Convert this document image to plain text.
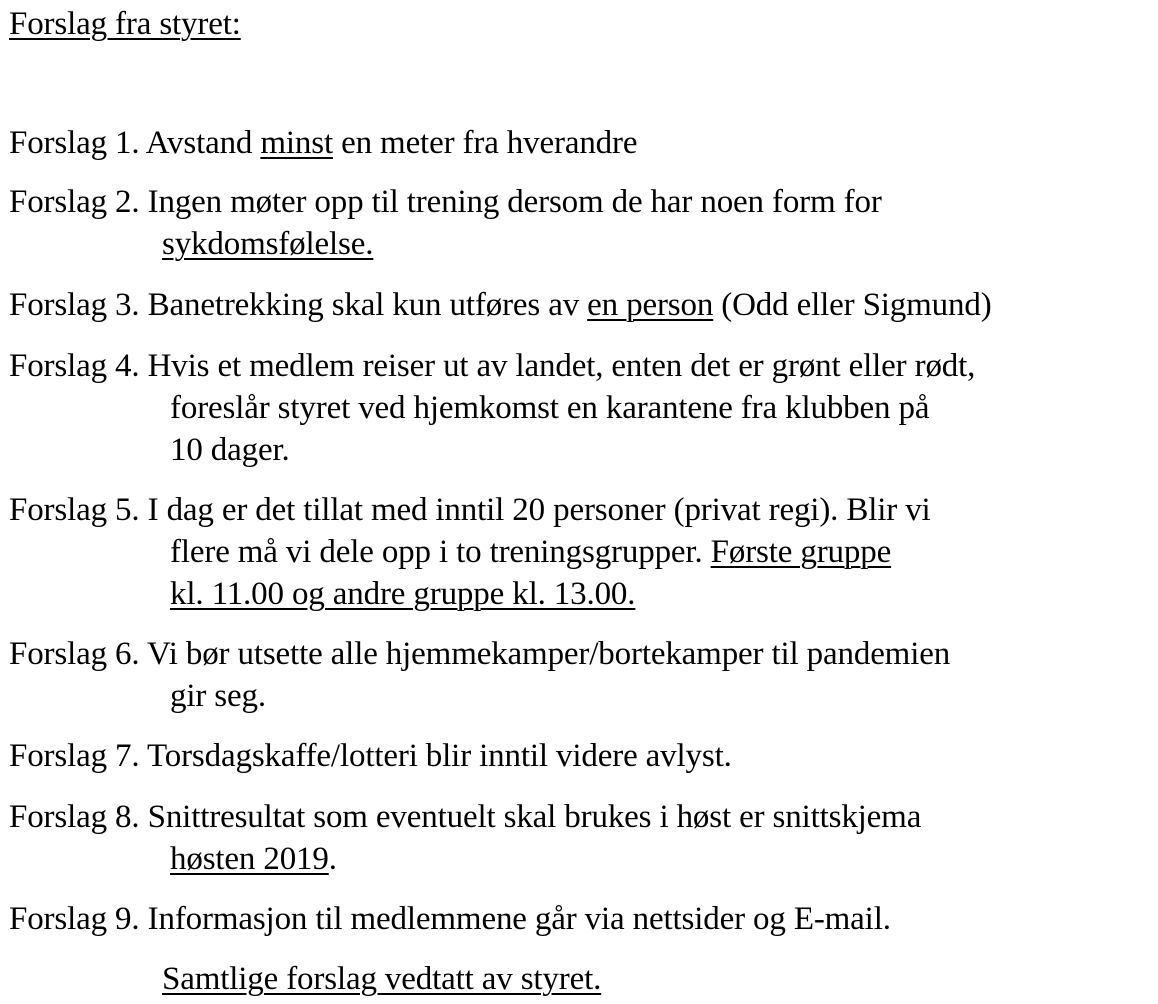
Forslag fra styret:
Forslag 1. Avstand minst en meter fra hverandre
Forslag 2. Ingen møter opp til trening dersom de har noen form for
sykdomsfølelse.
Forslag 3. Banetrekking skal kun utføres av en person (Odd eller Sigmund)
Forslag 4. Hvis et medlem reiser ut av landet, enten det er grønt eller rødt,
foreslår styret ved hjemkomst en karantene fra klubben på
10 dager.
Forslag 5. I dag er det tillat med inntil 20 personer (privat regi). Blir vi
flere må vi dele opp i to treningsgrupper. Første gruppe
kl. 11.00 og andre gruppe kl. 13.00.
Forslag 6. Vi bør utsette alle hjemmekamper/bortekamper til pandemien
gir seg.
Forslag 7. Torsdagskaffe/lotteri blir inntil videre avlyst.
Forslag 8. Snittresultat som eventuelt skal brukes i høst er snittskjema
høsten 2019.
Forslag 9. Informasjon til medlemmene går via nettsider og E-mail.
Samtlige forslag vedtatt av styret.
